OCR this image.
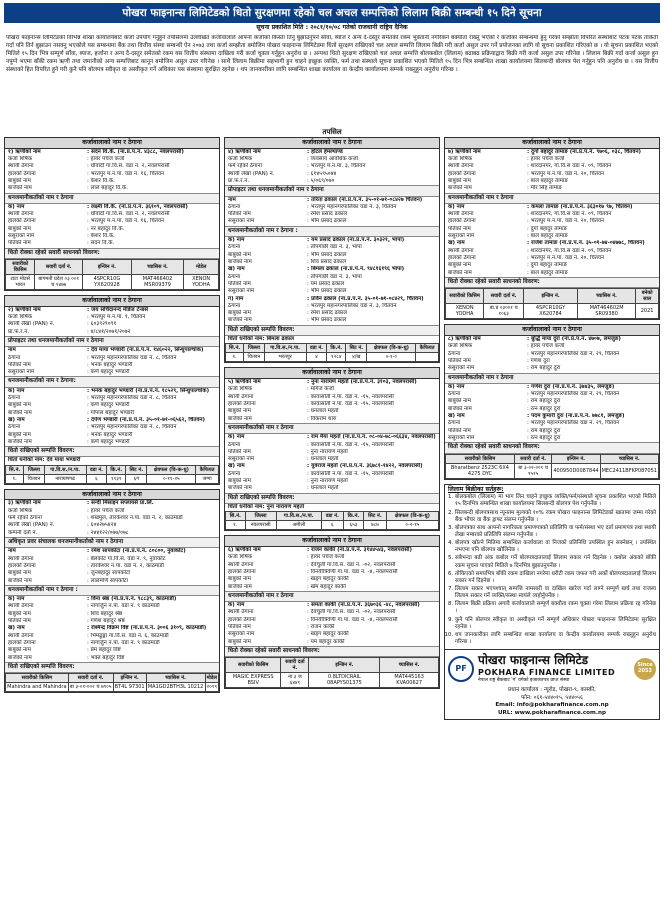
पोखरा फाइनान्स लिमिटेडको धितो सुरक्षणमा रहेको चल अचल सम्पत्तिको लिलाम बिक्री सम्बन्धी १५ दिने सूचना
सूचना प्रकाशित मिति : २०८१/१०/०८ गतेको राजधानी राष्ट्रिय दैनिक
पोखरा फाइनान्स लिमिटेडको विभिन्न शाखा कार्यालयबाट कर्जा उपयोग गर्नुहुने तपसिलमा उल्लेखित कर्जावालाले आफ्नो कर्जाको किस्ता तिर्नु बुझाउनुपर्ने साँवा, ब्याज र अन्य दै-दस्तुर समेतको रकम भुक्तानी नगरिकन बक्यौता राख्नु भएको र कर्जाका सम्बन्धमा हुनु गरेको सम्झौता विपरित संस्थाबाट पटक पटक ताकेता गर्दा पनि तिर्न बुझाउन नसक्नु भएकोले यस सम्बन्धमा बैंक तथा वित्तीय संस्था सम्बन्धी ऐन २०७३ तथा कर्जा सम्झौता बमोजिम पोखरा फाइनान्स लिमिटेडमा धितो सुरक्षण राखिएको चल अचल सम्पत्ति लिलाम बिक्री गरी कर्जा असुल उपर गर्ने प्रयोजनका लागि यो सूचना प्रकाशित गरिएको छ । यो सूचना प्रकाशित भएको मितिले १५ दिन भित्र सम्पूर्ण साँवा, ब्याज, हर्जाना र अन्य दै-दस्तुर समेतको रकम यस वित्तीय संस्थामा दाखिला गरी कर्जा चुक्ता गर्नुहुन अनुरोध छ । अन्यथा धितो सुरक्षण राखिएको चल अचल सम्पत्ति बोलकबोल (लिलाम) बढाबढ प्रक्रियाद्वारा बिक्री गरी कर्जा असुल उपर गरिनेछ । लिलाम बिक्री गर्दा कर्जा असुल हुन नपुग्ने भएमा बाँकी रकम ऋणी तथा जमानीको अन्य सम्पत्तिबाट कानून बमोजिम असुल उपर गरिनेछ । साथै लिलाम बिक्रीमा सहभागी हुन चाहने इच्छुक व्यक्ति, फर्म तथा संस्थाले सूचना प्रकाशित भएको मितिले १५ दिन भित्र सम्बन्धित शाखा कार्यालयमा सिलबन्दी बोलपत्र पेश गर्नुहुन पनि अनुरोध छ । यस वित्तीय संस्थाको हित विपरित हुने गरी कुनै पनि बोलपत्र स्वीकृत वा अस्वीकृत गर्ने अधिकार यस संस्थामा सुरक्षित रहनेछ । थप जानकारीका लागि सम्बन्धित शाखा कार्यालय वा केन्द्रीय कार्यालयमा सम्पर्क राख्नुहुन अनुरोध गरिन्छ ।
तपसिल
कर्जावालाको नाम र ठेगाना
१) ऋणीको नाम	: सदन वि.के. (ना.प्र.प.नं. ४३८८, नवलपरासी)
कर्जा शिर्षक	: हायर पर्चेज कर्जा
स्थायी ठेगाना	: धौवादी गा.वि.स. वडा नं. २, नवलपरासी
हालको ठेगाना	: भरतपुर म.न.पा. वडा नं. १६, चितवन
बाबुको नाम	: केशर वि.के.
बाजेको नाम	: लाल बहादुर वि.के.
धनजमानीकर्ताको नाम र ठेगाना
क) नाम	: लक्ष्मी वि.के. (ना.प्र.प.नं. ३६१०९, नवलपरासी)
स्थायी ठेगाना	: धौवादी गा.वि.स. वडा नं. २, नवलपरासी
हालको ठेगाना	: भरतपुर म.न.पा. वडा नं. १६, चितवन
बाबुको नाम	: नर बहादुर वि.के.
ससुराको नाम	: केशर वि.के.
पतिको नाम	: सदन वि.के.
धितो रोक्का रहेको सवारी साधनको विवरण:
सवारीको किसिम	सवारी दर्ता नं.	इन्जिन नं.	च्यासिस नं.	मोडेल
टाटा मोटर्स भारत	बागमती प्रदेश ०३ ००१ च १४७७	4SPCR10G YX620928	MAT466402 MSR09379	XENON YODHA
कर्जावालाको नाम र ठेगाना
२) ऋणीको नाम	: जय सचिदानन्द मेडिज टेन्डर्स
कर्जा शिर्षक	: भरतपुर म.न.पा. १, चितवन
स्थायी लेखा (PAN) नं.	: ६०३९२९०९१
प्रा.फ.र.नं.	: ४/८४१/२०७१/२०७२
प्रोपाइटर तथा धनजमानीकर्ताको नाम र ठेगाना
नाम	: देव माया भण्डारी (ना.प्र.प.नं. १४६०२२, सिन्धुपाल्चोक)
ठेगाना	: भरतपुर महानगरपालिका वडा नं. ८, चितवन
पतिको नाम	: भनक बहादुर भण्डारी
ससुराको नाम	: कर्ण बहादुर भण्डारी
धनजमानीकर्ताको नाम र ठेगाना:
क) नाम	: भनक बहादुर भण्डारी (ना.प्र.प.नं. १८५२९, सिन्धुपाल्चोक)
ठेगाना	: भरतपुर महानगरपालिका वडा नं. ८, चितवन
बाबुको नाम	: कर्ण बहादुर भण्डारी
बाजेको नाम	: गोपाल बहादुर भण्डारी
ख) नाम	: दर्पण भण्डारी (ना.प्र.प.नं. ३५-०१-७१-०६५६२, चितवन)
ठेगाना	: भरतपुर महानगरपालिका वडा नं. ८, चितवन
बाबुको नाम	: भनक बहादुर भण्डारी
बाजेको नाम	: कर्ण बहादुर भण्डारी
धितो राखिएको सम्पत्ति विवरण:
धितो धनीको नाम: देव माया भण्डारी
सि.नं.	जिल्ला	गा.वि.स./न.पा.	वडा नं.	कि.नं.	सिट नं.	क्षेत्रफल (वि-क-धु)	कैफियत
१.	चितवन	नारायणगढ	६	११३९	६ग	०-११-२५	जग्गा
कर्जावालाको नाम र ठेगाना
३) ऋणीको नाम	: सन्दी मिसाइन सप्लायर्स प्रा.लि.
कर्जा शिर्षक	: हायर पर्चेज कर्जा
फर्म रहेको ठेगाना	: शंखमुल, तारकेश्वर न.पा. वडा नं. २, काठमाडौं
स्थायी लेखा (PAN) नं.	: ६०४२७५४२४
कम्पनी दर्ता नं.	: २४४१२२/०७७/०७८
अधिकृत प्रवर संचालक धनजमानीकर्ताको नाम र ठेगाना
नाम	: रमेश सापकोटा (ना.प्र.प.नं. ८०८००, नुवाकोट)
स्थायी ठेगाना	: बेलकोट गा.वि.स. वडा नं. ९, नुवाकोट
हालको ठेगाना	: तारकेश्वर न.पा. वडा नं. २, काठमाडौं
बाबुको नाम	: जुनबहादुर सापकोटा
बाजेको नाम	: लालमणि सापकोटा
धनजमानीकर्ताको नाम र ठेगाना :
क) नाम	: विना श्रेष्ठ (ना.प्र.प.नं. ९८८३९, काठमाडौं)
स्थायी ठेगाना	: नागार्जुन न.पा. वडा नं. ९ काठमाडौं
बाबुको नाम	: शिव बहादुर श्रेष्ठ
पतिको नाम	: गणेश बहादुर श्रेष्ठ
ख) नाम	: रश्मिन्द्र विक्रम विष्ट (ना.प्र.प.नं. ३००६ ३१०९, काठमाडौं)
स्थायी ठेगाना	: भिमढुङ्गा गा.वि.स. वडा नं. ६, काठमाडौं
हालको ठेगाना	: नागार्जुन न.पा. वडा नं. ९ काठमाडौं
बाबुको नाम	: प्रेम बहादुर विष्ट
बाजेको नाम	: भक्त बहादुर विष्ट
धितो राखिएको सम्पत्ति विवरण:
सवारीको किसिम	सवारी दर्ता नं.	इन्जिन नं.	च्यासिस नं.	मोडेल
Mahindra and Mahindra	बा ३-०१-००२ च ७९०५	BT4L 97301	MA1GD2BTH3L 10212	२०१९
कर्जावालाको नाम र ठेगाना
४) ऋणीको नाम	: होटल हेमल्याण्ड
कर्जा शिर्षक	: व्यवसाय आवधिक कर्जा
फर्म रहेको ठेगाना	: भरतपुर म.न.पा. ३, चितवन
स्थायी लेखा (PAN) नं.	: ६१४५९५०४४
प्रा.फ.र.नं.	: ५/०६९/०७०
प्रोपाइटर तथा धनजमानीकर्ताको नाम र ठेगाना
नाम	: तरिता ढकाल (ना.प्र.प.नं. ३५-०१-७१-०८४२७ चितवन)
ठेगाना	: भरतपुर महानगरपालिका वडा नं. ३, चितवन
पतिको नाम	: रमेश प्रसाद ढकाल
ससुराको नाम	: भीम प्रसाद ढकाल
धनजमानीकर्ताको नाम र ठेगाना :
क) नाम	: यम प्रसाद ढकाल (ना.प्र.प.नं. ३०३२१, भापा)
ठेगाना	: तोपगाछी वडा नं. ३, भापा
बाबुको नाम	: भीम प्रसाद ढकाल
बाजेको नाम	: शिव प्रसाद ढकाल
ख) नाम	: बिमला ढकाल (ना.प्र.प.नं. ९४८१६१९६ भापा)
ठेगाना	: तोपगाछी वडा नं. ३, भापा
पतिको नाम	: यम प्रसाद ढकाल
ससुराको नाम	: भीम प्रसाद ढकाल
ग) नाम	: प्रविन ढकाल (ना.प्र.प.नं. ३५-०१-७१-०८४२९, चितवन)
ठेगाना	: भरतपुर महानगरपालिका वडा नं. ३, चितवन
बाबुको नाम	: रमेश प्रसाद ढकाल
बाजेको नाम	: भीम प्रसाद ढकाल
धितो राखिएको सम्पत्ति विवरण:
धितो धनीको नाम: बिमला ढकाल
सि.नं.	जिल्ला	गा.वि.स./न.पा.	वडा नं.	कि.नं.	सिट नं.	क्षेत्रफल (वि-क-धु)	कैफियत
१.	चितवन	भरतपुर	४	१२८४	४/ख	०-१-०	
कर्जावालाको नाम र ठेगाना
५) ऋणीको नाम	: नुना नारायण महतो (ना.प्र.प.नं. ३१०३, नवलपरासी)
कर्जा शिर्षक	: मोर्गेज कर्जा
स्थायी ठेगाना	: कावासोती न.पा. वडा नं. -१५, नवलपरासी
हालको ठेगाना	: कावासोती न.पा. वडा नं. -१५, नवलपरासी
बाबुको नाम	: धनलाल महतो
बाजेको नाम	: विकराम थारु
धनजमानीकर्ताको नाम र ठेगाना
क) नाम	: राम मैया महतो (ना.प्र.प.नं. ०८-०४-७८-०६६३४, नवलपरासी)
ठेगाना	: कावासोती न.पा. वडा नं. -१५, नवलपरासी
पतिको नाम	: नुना नारायण महतो
ससुराको नाम	: धनलाल महतो
ख) नाम	: युवराज महतो (ना.प्र.प.नं. ३६७८१-१४२२, नवलपरासी)
ठेगाना	: कावासोती न.पा. वडा नं. -१५, नवलपरासी
बाबुको नाम	: नुना नारायण महतो
बाजेको नाम	: धनलाल महतो
धितो राखिएको सम्पत्ति विवरण:
धितो धनीको नाम: नुना नारायण महतो
सि.नं.	जिल्ला	गा.वि.स./न.पा.	वडा नं.	कि.नं.	सिट नं.	क्षेत्रफल (वि-क-धु)
१.	नवलपरासी	अमौली	६	६५३	७८७	०-२-१५
कर्जावालाको नाम र ठेगाना
६) ऋणीको नाम	: राजन कार्की (ना.प्र.प.नं. ३१४४५४३, नवलपरासी)
कर्जा शिर्षक	: हायर पर्चेज कर्जा
स्थायी ठेगाना	: देवचुली गा.वि.स. वडा नं. -०२, नवलपरासी
हालको ठेगाना	: विनयीत्रिवेणी गा.पा. वडा नं. -४, नवलपरासी
बाबुको नाम	: खड्ग बहादुर कार्की
बाजेको नाम	: खेम बहादुर कार्की
धनजमानीकर्ताको नाम र ठेगाना
क) नाम	: समता कार्की (ना.प्र.प.नं. ३६७०३६ -४८, नवलपरासी)
स्थायी ठेगाना	: देवचुली गा.वि.स. वडा नं. -०२, नवलपरासी
हालको ठेगाना	: विनयीत्रिवेणी गा.पा. वडा नं. -४, नवलपरासी
पतिको नाम	: राजन कार्की
ससुराको नाम	: खड्ग बहादुर कार्की
बाबुको नाम	: यम बहादुर कार्की
धितो रोक्का रहेको सवारी साधनको विवरण:
सवारीको किसिम	सवारी दर्ता नं.	इन्जिन नं.	च्यासिस नं.
MAGIC EXPRESS BSIV	ना ३ ज ६४४१	0.8LTDICRAIL 08APYS01375	MAT445163 KVA00627
कर्जावालाको नाम र ठेगाना
७) ऋणीको नाम	: दुर्गा बहादुर तामाङ (ना.प्र.प.नं. ९७०६, ०३८, चितवन)
कर्जा शिर्षक	: हायर पर्चेज कर्जा
स्थायी ठेगाना	: शारदानगर, गा.वि.स वडा नं. ०९, चितवन
हालको ठेगाना	: भरतपुर म.न.पा. वडा नं. २०, चितवन
बाबुको नाम	: बाल बहादुर तामाङ
बाजेको नाम	: मीर सिंह तामाङ
धनजमानीकर्ताको नाम र ठेगाना
क) नाम	: कमला तामाङ (ना.प्र.प.नं. ३६३०१७ ९७, चितवन)
स्थायी ठेगाना	: शारदानगर, गा.वि.स वडा नं. ०९, चितवन
हालको ठेगाना	: भरतपुर म.न.पा. वडा नं. २०, चितवन
पतिको नाम	: दुर्गा बहादुर तामाङ
ससुराको नाम	: बाल बहादुर तामाङ
ख) नाम	: राजेश तामाङ (ना.प्र.प.नं. ३५-०१-७४-०४७७८, चितवन)
स्थायी ठेगाना	: शारदानगर, गा.वि.स वडा नं. ०९, चितवन
हालको ठेगाना	: भरतपुर म.न.पा. वडा नं. २०, चितवन
बाबुको नाम	: दुर्गा बहादुर तामाङ
बाजेको नाम	: बाल बहादुर तामाङ
धितो रोक्का रहेको सवारी साधनको विवरण:
सवारीको किसिम	सवारी दर्ता नं.	इन्जिन नं.	च्यासिस नं.	बनेको साल
XENON YODHA	बा.प्र ०३००१ च १०६३	4SPCR10GY X620784	MAT464602M SR09380	2021
कर्जावालाको नाम र ठेगाना
८) ऋणीको नाम	: बुद्धि माया दुरा (ना.प्र.प.नं. ४७०७, लमजुङ)
कर्जा शिर्षक	: हायर पर्चेज कर्जा
ठेगाना	: भरतपुर महानगरपालिका वडा नं. २९, चितवन
पतिको नाम	: गणेश दुरा
ससुराको नाम	: राम बहादुर दुरा
धनजमानीकर्ताको नाम र ठेगाना
क) नाम	: गणेश दुरा (ना.प्र.प.नं. ३७४३५, लमजुङ)
ठेगाना	: भरतपुर महानगरपालिका वडा नं. २९, चितवन
बाबुको नाम	: राम बहादुर दुरा
बाजेको नाम	: रत्न बहादुर दुरा
ख) नाम	: पदम कुमारी दुरा (ना.प्र.प.नं. ७७८१, लमजुङ)
ठेगाना	: भरतपुर महानगरपालिका वडा नं. २९, चितवन
पतिको नाम	: राम बहादुर दुरा
ससुराको नाम	: रत्न बहादुर दुरा
धितो रोक्का रहेको सवारी साधनको विवरण:
सवारीको किसिम	सवारी दर्ता नं.	इन्जिन नं.	च्यासिस नं.
Bharatbenz 2523C 6X4 4275 DYC	बा ३-०२-००१ च १५१५	400950D0087844	MEC2411BFKP087051
लिलाम बिक्रीका सर्तहरू:
1. बोलकबोल (लिलाम) मा भाग लिन चाहने इच्छुक व्यक्ति/फर्म/संस्थाले सूचना प्रकाशित भएको मितिले १५ दिनभित्र सम्बन्धित शाखा कार्यालयमा सिलबन्दी बोलपत्र पेश गर्नुपर्नेछ ।
2. सिलबन्दी बोलपत्रसाथ न्यूनतम मूल्यको १०% रकम पोखरा फाइनान्स लिमिटेडको खातामा जम्मा गरेको बैंक भौचर वा बैंक ड्राफ्ट संलग्न गर्नुपर्नेछ ।
3. बोलपत्रका साथ आफ्नो नागरिकता प्रमाणपत्रको प्रतिलिपि वा फर्म/संस्था भए दर्ता प्रमाणपत्र तथा स्थायी लेखा नम्बरको प्रतिलिपि संलग्न गर्नुपर्नेछ ।
4. बोलपत्र खोल्ने मितिमा सम्बन्धित कर्जावाला वा निजको प्रतिनिधि उपस्थित हुन सक्नेछन् । उपस्थित नभएमा पनि बोलपत्र खोलिनेछ ।
5. सबैभन्दा बढी अंक कबोल गर्ने बोलपत्रदातालाई लिलाम सकार गर्न दिइनेछ । कबोल अंकको बाँकी रकम सूचना पाएको मितिले ७ दिनभित्र बुझाउनुपर्नेछ ।
6. तोकिएको समयभित्र बाँकी रकम दाखिला नगरेमा धरौटी रकम जफत गरी अर्को बोलपत्रदातालाई लिलाम सकार गर्न दिइनेछ ।
7. लिलाम सकार भएपश्चात् सम्पत्ति नामसारी वा दाखिल खारेज गर्दा लाग्ने सम्पूर्ण खर्च तथा राजस्व लिलाम सकार गर्ने व्यक्ति/संस्था स्वयंले व्यहोर्नुपर्नेछ ।
8. लिलाम बिक्री प्रक्रिया अगावै कर्जावालाले सम्पूर्ण बक्यौता रकम चुक्ता गरेमा लिलाम प्रक्रिया रद्द गरिनेछ ।
9. कुनै पनि बोलपत्र स्वीकृत वा अस्वीकृत गर्ने सम्पूर्ण अधिकार पोखरा फाइनान्स लिमिटेडमा सुरक्षित रहनेछ ।
10. थप जानकारीका लागि सम्बन्धित शाखा कार्यालय वा केन्द्रीय कार्यालयमा सम्पर्क राख्नुहुन अनुरोध गरिन्छ ।
PF
पोखरा फाइनान्स लिमिटेड
POKHARA FINANCE LIMITED
नेपाल राष्ट्र बैंकबाट 'ग' वर्गको इजाजतपत्र प्राप्त संस्था
Since 2053
प्रधान कार्यालय : न्यूरोड, पोखरा-९, कास्की,
फोन: ०६१-५४४०१५, ५४४०५६
Email: info@pokharafinance.com.np
URL: www.pokharafinance.com.np
